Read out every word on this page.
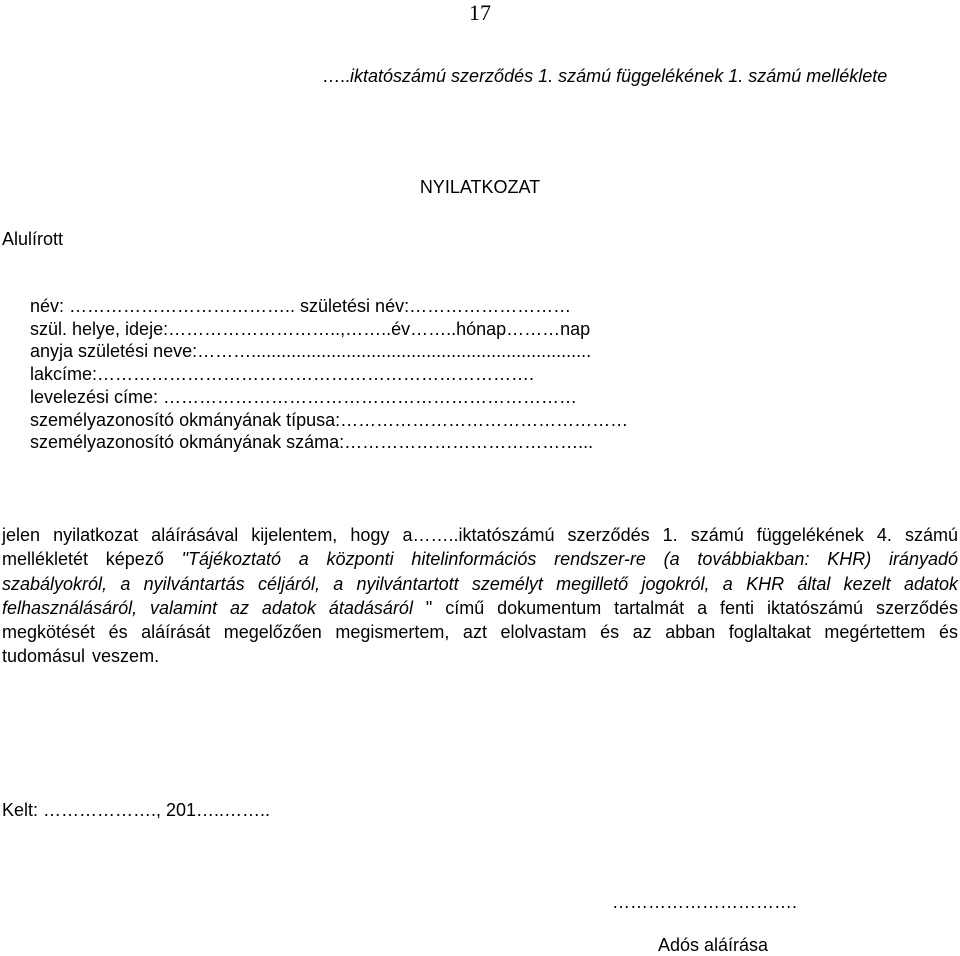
17
…..iktatószámú szerződés 1. számú függelékének 1. számú melléklete
NYILATKOZAT
Alulírott
név: ……………………………….. születési név:………………………
szül. helye, ideje:………………………..,……..év……..hónap………nap
anyja születési neve:………....................................................................
lakcíme:……………………………………………………………….
levelezési címe: ……………………………………………………………
személyazonosító okmányának típusa:…………………………………………
személyazonosító okmányának száma:…………………………………...
jelen nyilatkozat aláírásával kijelentem, hogy a……..iktatószámú szerződés 1. számú függelékének 4. számú mellékletét képező "Tájékoztató a központi hitelinformációs rendszer-re (a továbbiakban: KHR) irányadó szabályokról, a nyilvántartás céljáról, a nyilvántartott személyt megillető jogokról, a KHR által kezelt adatok felhasználásáról, valamint az adatok átadásáról " című dokumentum tartalmát a fenti iktatószámú szerződés megkötését és aláírását megelőzően megismertem, azt elolvastam és az abban foglaltakat megértettem és tudomásul veszem.
Kelt: ………………., 201…..……..
………………………….
Adós aláírása
